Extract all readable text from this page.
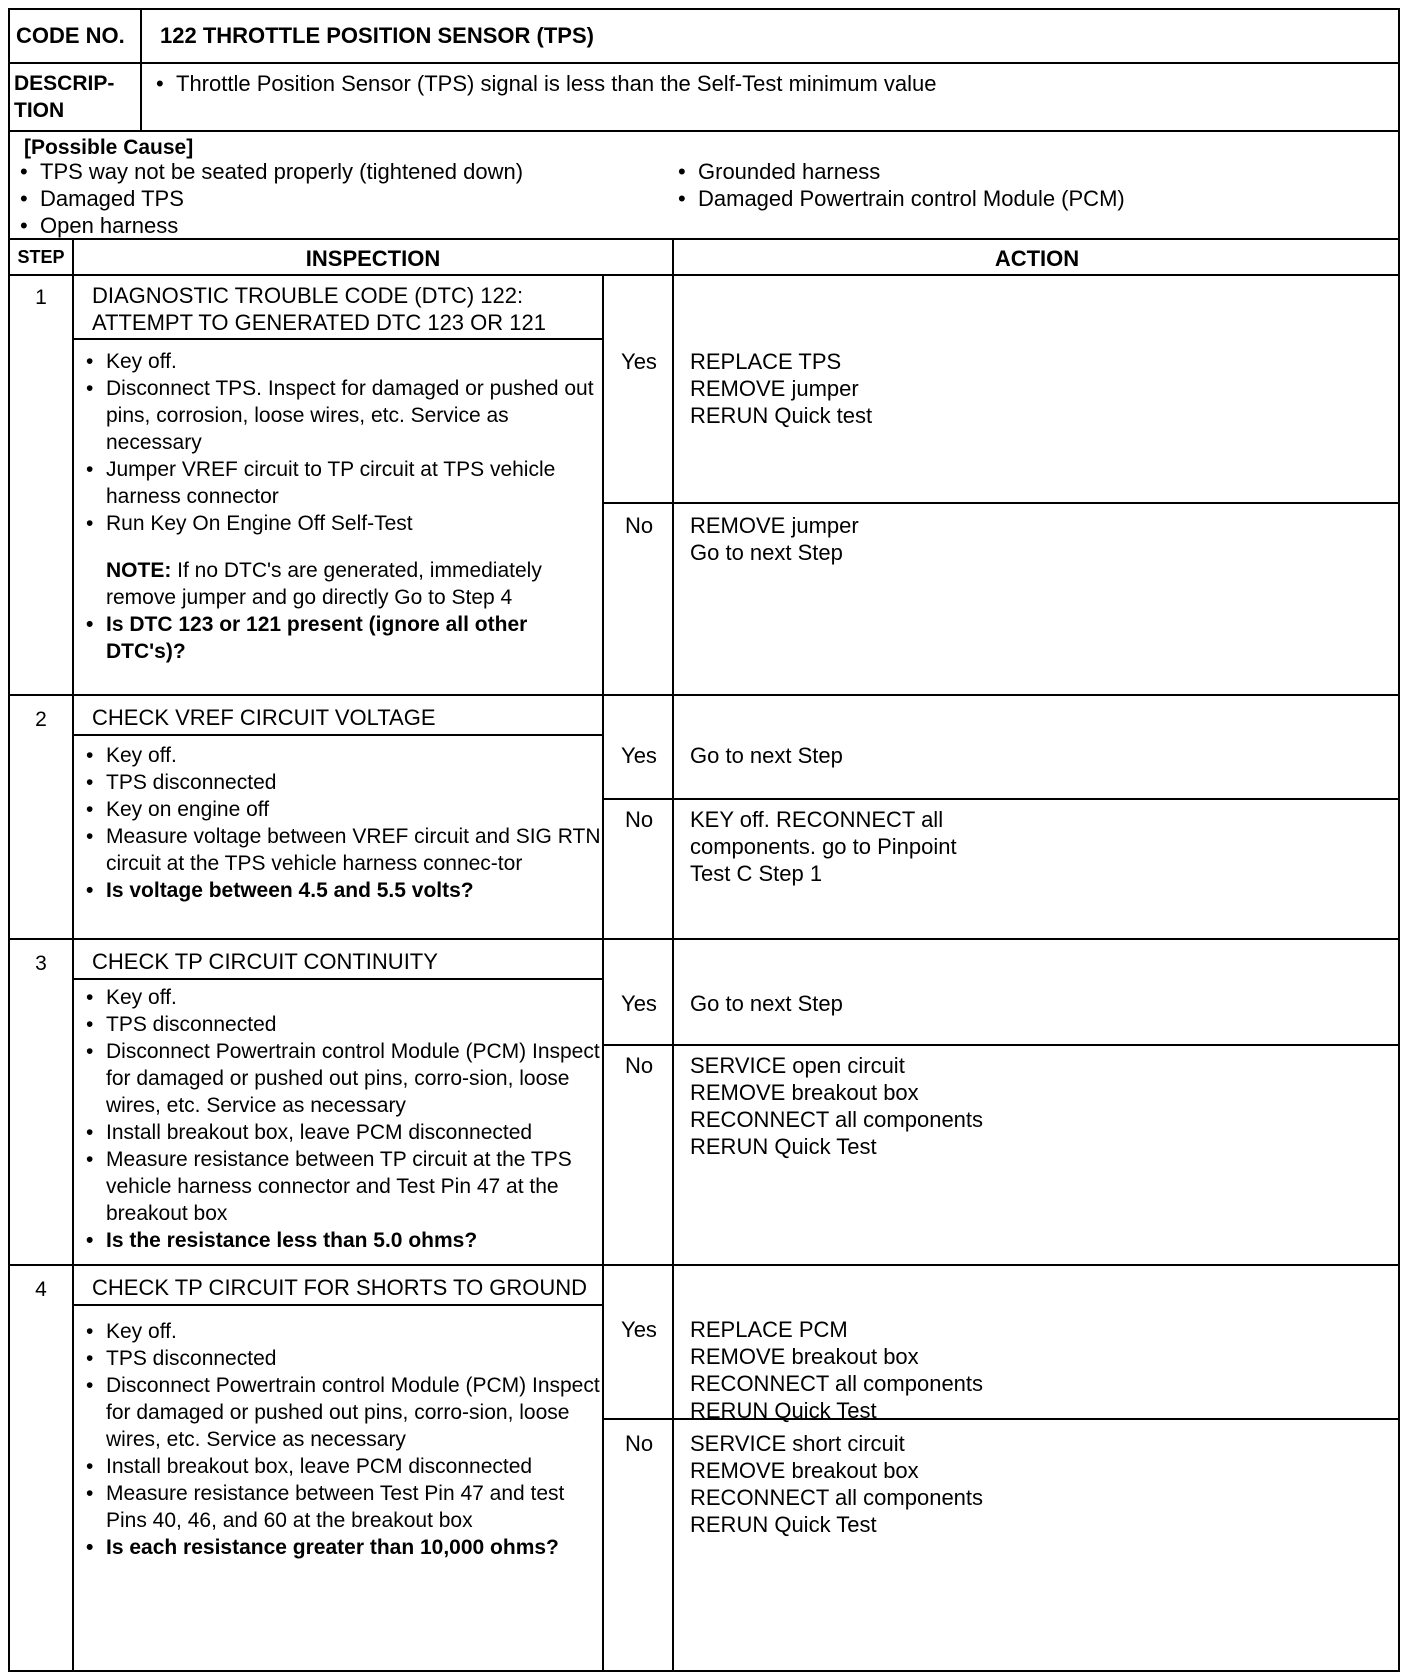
CODE NO. 122 THROTTLE POSITION SENSOR (TPS)
DESCRIP-
TION
• Throttle Position Sensor (TPS) signal is less than the Self-Test minimum value
[Possible Cause]
• TPS way not be seated properly (tightened down)
• Damaged TPS
• Open harness
• Grounded harness
• Damaged Powertrain control Module (PCM)
STEP	INSPECTION	ACTION
1	DIAGNOSTIC TROUBLE CODE (DTC) 122:
ATTEMPT TO GENERATED DTC 123 OR 121
• Key off.
• Disconnect TPS. Inspect for damaged or pushed out pins, corrosion, loose wires, etc. Service as necessary
• Jumper VREF circuit to TP circuit at TPS vehicle harness connector
• Run Key On Engine Off Self-Test
NOTE: If no DTC's are generated, immediately remove jumper and go directly Go to Step 4
• Is DTC 123 or 121 present (ignore all other DTC's)?
Yes	REPLACE TPS
REMOVE jumper
RERUN Quick test
No	REMOVE jumper
Go to next Step
2	CHECK VREF CIRCUIT VOLTAGE
• Key off.
• TPS disconnected
• Key on engine off
• Measure voltage between VREF circuit and SIG RTN circuit at the TPS vehicle harness connec-tor
• Is voltage between 4.5 and 5.5 volts?
Yes	Go to next Step
No	KEY off. RECONNECT all
components. go to Pinpoint
Test C Step 1
3	CHECK TP CIRCUIT CONTINUITY
• Key off.
• TPS disconnected
• Disconnect Powertrain control Module (PCM) Inspect for damaged or pushed out pins, corro-sion, loose wires, etc. Service as necessary
• Install breakout box, leave PCM disconnected
• Measure resistance between TP circuit at the TPS vehicle harness connector and Test Pin 47 at the breakout box
• Is the resistance less than 5.0 ohms?
Yes	Go to next Step
No	SERVICE open circuit
REMOVE breakout box
RECONNECT all components
RERUN Quick Test
4	CHECK TP CIRCUIT FOR SHORTS TO GROUND
• Key off.
• TPS disconnected
• Disconnect Powertrain control Module (PCM) Inspect for damaged or pushed out pins, corro-sion, loose wires, etc. Service as necessary
• Install breakout box, leave PCM disconnected
• Measure resistance between Test Pin 47 and test Pins 40, 46, and 60 at the breakout box
• Is each resistance greater than 10,000 ohms?
Yes	REPLACE PCM
REMOVE breakout box
RECONNECT all components
RERUN Quick Test
No	SERVICE short circuit
REMOVE breakout box
RECONNECT all components
RERUN Quick Test
